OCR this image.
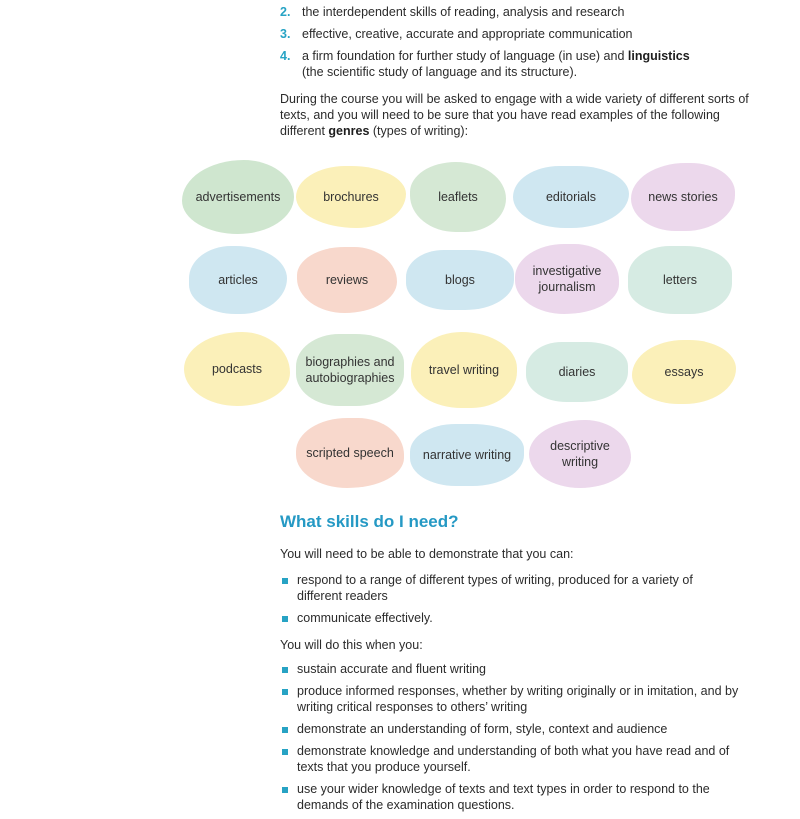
2. the interdependent skills of reading, analysis and research
3. effective, creative, accurate and appropriate communication
4. a firm foundation for further study of language (in use) and linguistics
(the scientific study of language and its structure).

During the course you will be asked to engage with a wide variety of different sorts of texts, and you will need to be sure that you have read examples of the following different genres (types of writing):

advertisements	brochures	leaflets	editorials	news stories
articles	reviews	blogs
investigative journalism	letters
podcasts	biographies and autobiographies
travel writing	diaries	essays
scripted speech	narrative writing
descriptive writing
What skills do I need?

You will need to be able to demonstrate that you can:

respond to a range of different types of writing, produced for a variety of different readers
communicate effectively.

You will do this when you:

sustain accurate and fluent writing
produce informed responses, whether by writing originally or in imitation, and by writing critical responses to others’ writing
demonstrate an understanding of form, style, context and audience
demonstrate knowledge and understanding of both what you have read and of texts that you produce yourself.
use your wider knowledge of texts and text types in order to respond to the demands of the examination questions.
